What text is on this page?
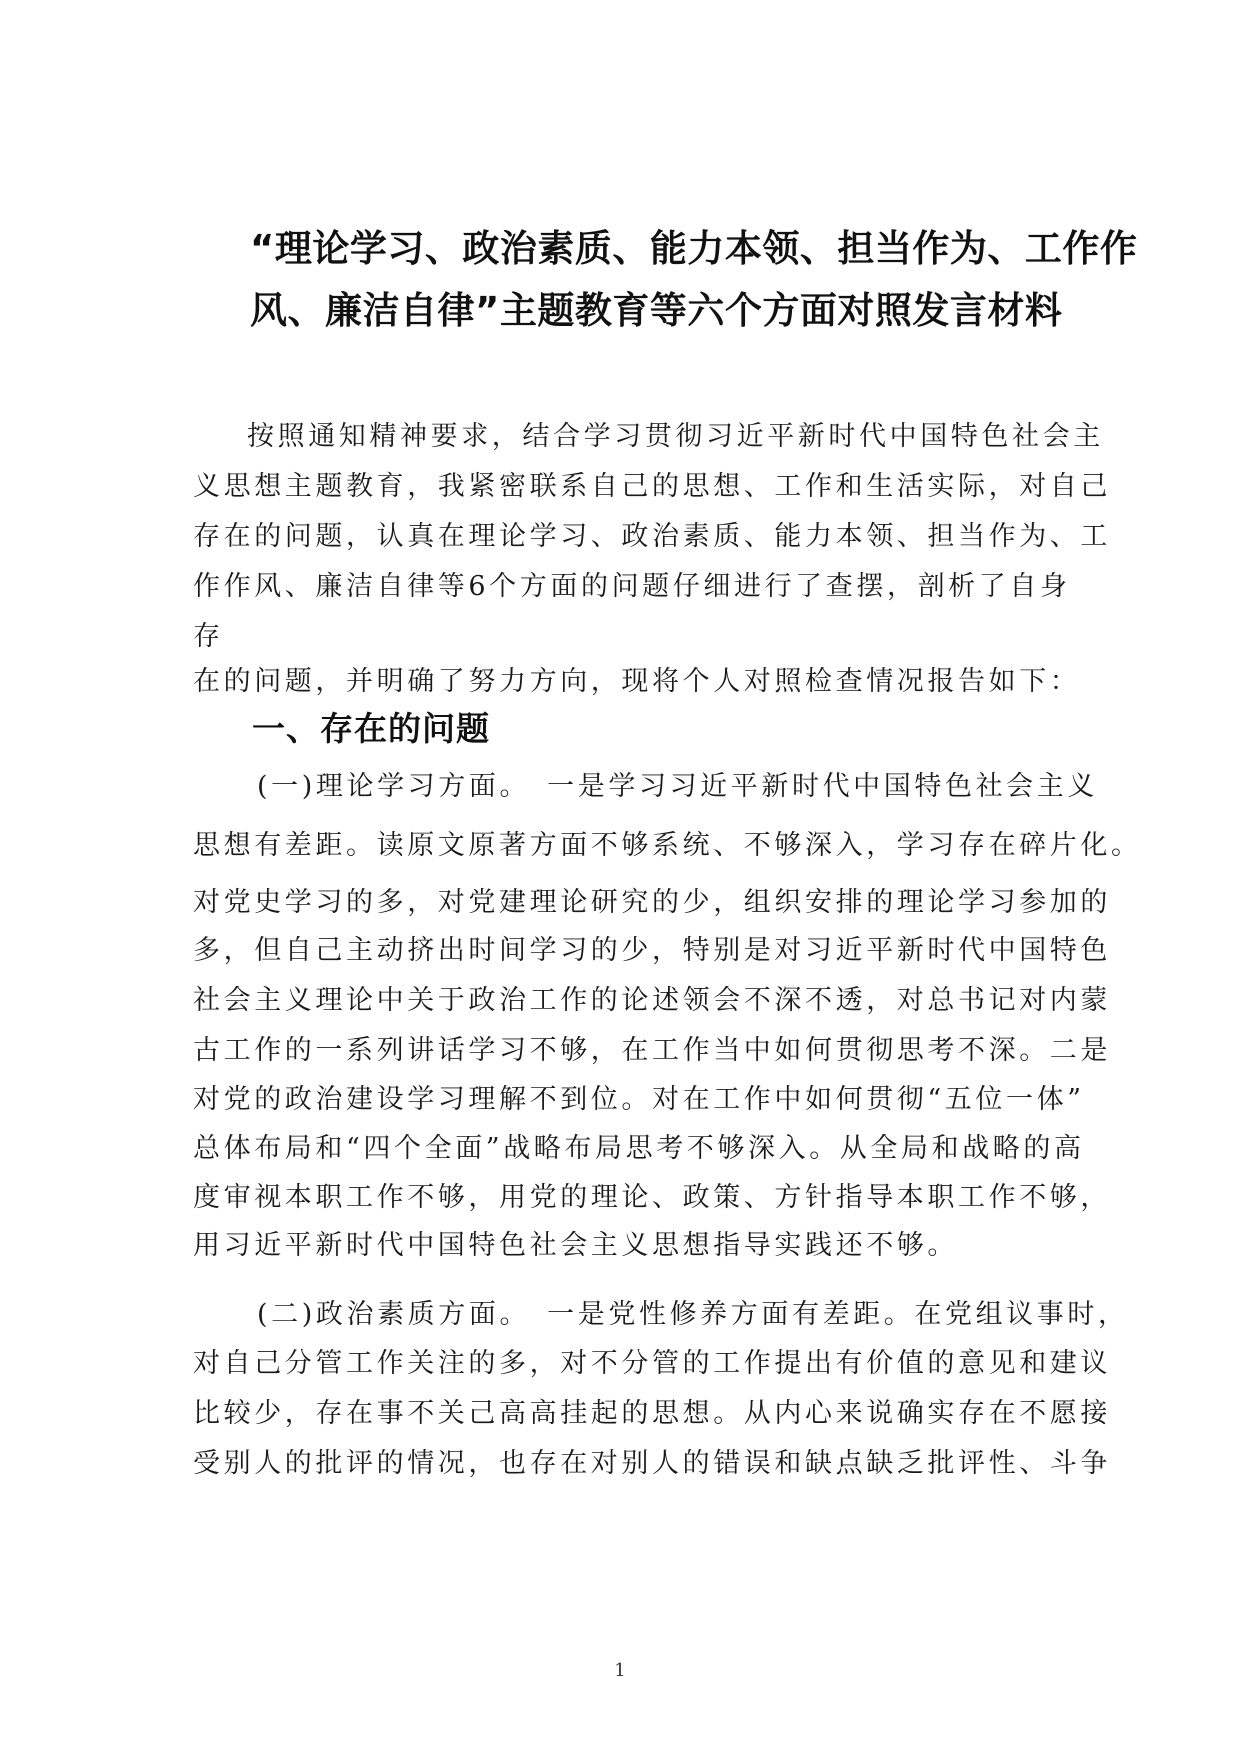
“理论学习、政治素质、能力本领、担当作为、工作作
风、廉洁自律”主题教育等六个方面对照发言材料
按照通知精神要求，结合学习贯彻习近平新时代中国特色社会主
义思想主题教育，我紧密联系自己的思想、工作和生活实际，对自己
存在的问题，认真在理论学习、政治素质、能力本领、担当作为、工
作作风、廉洁自律等6个方面的问题仔细进行了查摆，剖析了自身
存
在的问题，并明确了努力方向，现将个人对照检查情况报告如下：
一、存在的问题
(一)理论学习方面。　一是学习习近平新时代中国特色社会主义
思想有差距。读原文原著方面不够系统、不够深入，学习存在碎片化。
对党史学习的多，对党建理论研究的少，组织安排的理论学习参加的
多，但自己主动挤出时间学习的少，特别是对习近平新时代中国特色
社会主义理论中关于政治工作的论述领会不深不透，对总书记对内蒙
古工作的一系列讲话学习不够，在工作当中如何贯彻思考不深。二是
对党的政治建设学习理解不到位。对在工作中如何贯彻“五位一体”
总体布局和“四个全面”战略布局思考不够深入。从全局和战略的高
度审视本职工作不够，用党的理论、政策、方针指导本职工作不够，
用习近平新时代中国特色社会主义思想指导实践还不够。
(二)政治素质方面。　一是党性修养方面有差距。在党组议事时，
对自己分管工作关注的多，对不分管的工作提出有价值的意见和建议
比较少，存在事不关己高高挂起的思想。从内心来说确实存在不愿接
受别人的批评的情况，也存在对别人的错误和缺点缺乏批评性、斗争
1
